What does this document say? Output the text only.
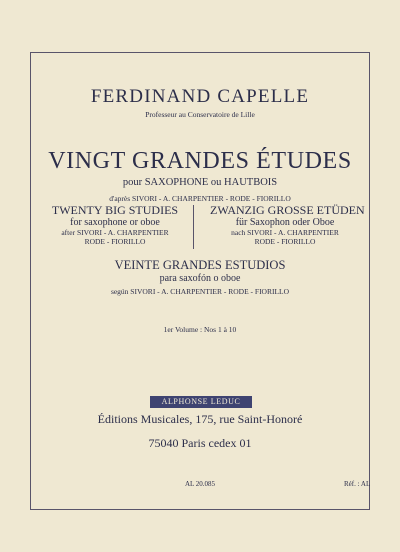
FERDINAND CAPELLE
Professeur au Conservatoire de Lille
VINGT GRANDES ÉTUDES
pour SAXOPHONE ou HAUTBOIS
d'après SIVORI - A. CHARPENTIER - RODE - FIORILLO
TWENTY BIG STUDIES
for saxophone or oboe
after SIVORI - A. CHARPENTIER
RODE - FIORILLO
ZWANZIG GROSSE ETÜDEN
für Saxophon oder Oboe
nach SIVORI - A. CHARPENTIER
RODE - FIORILLO
VEINTE GRANDES ESTUDIOS
para saxofón o oboe
según SIVORI - A. CHARPENTIER - RODE - FIORILLO
1er Volume : Nos 1 à 10
ALPHONSE LEDUC
Éditions Musicales, 175, rue Saint-Honoré
75040 Paris cedex 01
AL 20.085	Réf. : AL
